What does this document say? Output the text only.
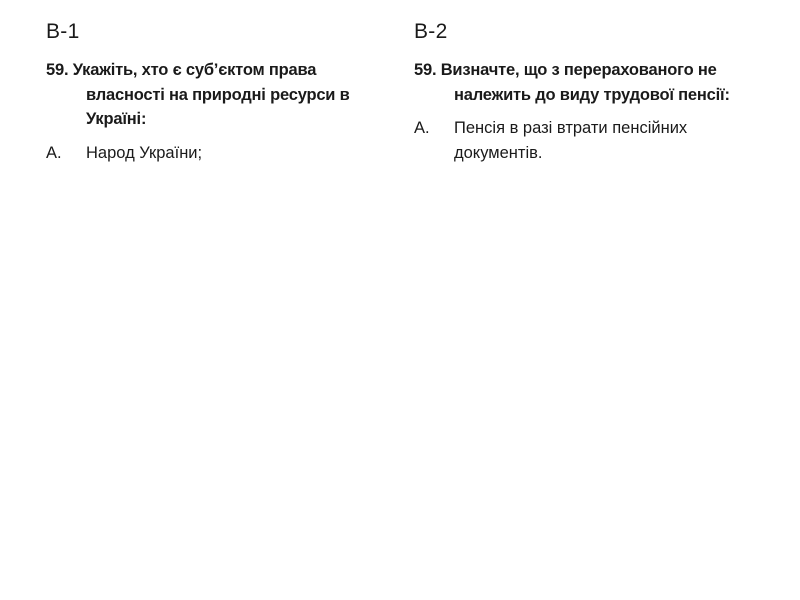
В-1
59. Укажіть, хто є суб’єктом права власності на природні ресурси в Україні:
А.	Народ України;
В-2
59. Визначте, що з перерахованого не належить до виду трудової пенсії:
А.	Пенсія в разі втрати пенсійних документів.
